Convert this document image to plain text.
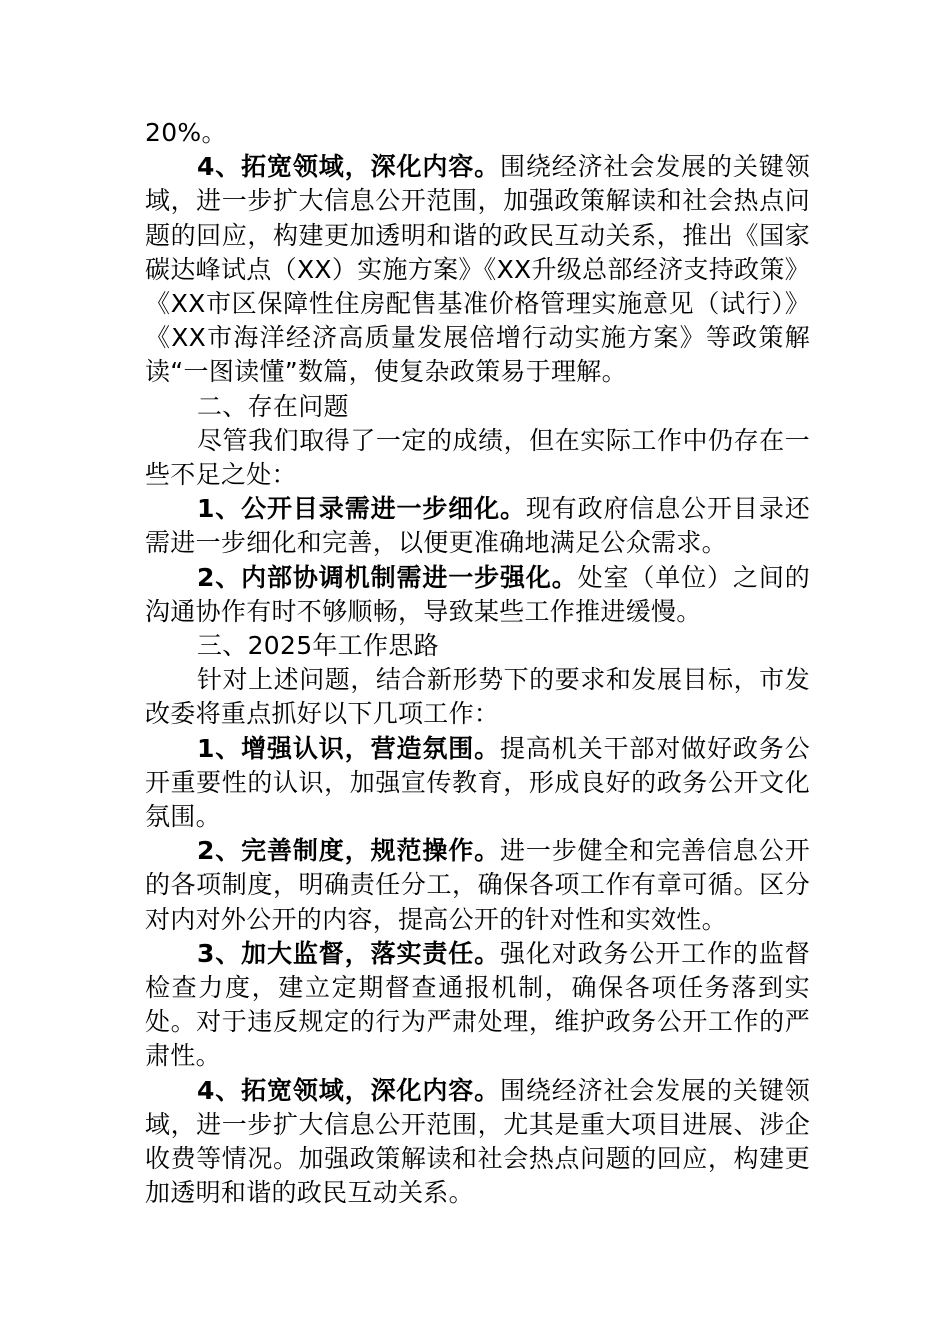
20%。

4、拓宽领域，深化内容。围绕经济社会发展的关键领域，进一步扩大信息公开范围，加强政策解读和社会热点问题的回应，构建更加透明和谐的政民互动关系，推出《国家碳达峰试点（XX）实施方案》《XX升级总部经济支持政策》《XX市区保障性住房配售基准价格管理实施意见（试行）》《XX市海洋经济高质量发展倍增行动实施方案》等政策解读“一图读懂”数篇，使复杂政策易于理解。

二、存在问题

尽管我们取得了一定的成绩，但在实际工作中仍存在一些不足之处：

1、公开目录需进一步细化。现有政府信息公开目录还需进一步细化和完善，以便更准确地满足公众需求。

2、内部协调机制需进一步强化。处室（单位）之间的沟通协作有时不够顺畅，导致某些工作推进缓慢。

三、2025年工作思路

针对上述问题，结合新形势下的要求和发展目标，市发改委将重点抓好以下几项工作：

1、增强认识，营造氛围。提高机关干部对做好政务公开重要性的认识，加强宣传教育，形成良好的政务公开文化氛围。

2、完善制度，规范操作。进一步健全和完善信息公开的各项制度，明确责任分工，确保各项工作有章可循。区分对内对外公开的内容，提高公开的针对性和实效性。

3、加大监督，落实责任。强化对政务公开工作的监督检查力度，建立定期督查通报机制，确保各项任务落到实处。对于违反规定的行为严肃处理，维护政务公开工作的严肃性。

4、拓宽领域，深化内容。围绕经济社会发展的关键领域，进一步扩大信息公开范围，尤其是重大项目进展、涉企收费等情况。加强政策解读和社会热点问题的回应，构建更加透明和谐的政民互动关系。
